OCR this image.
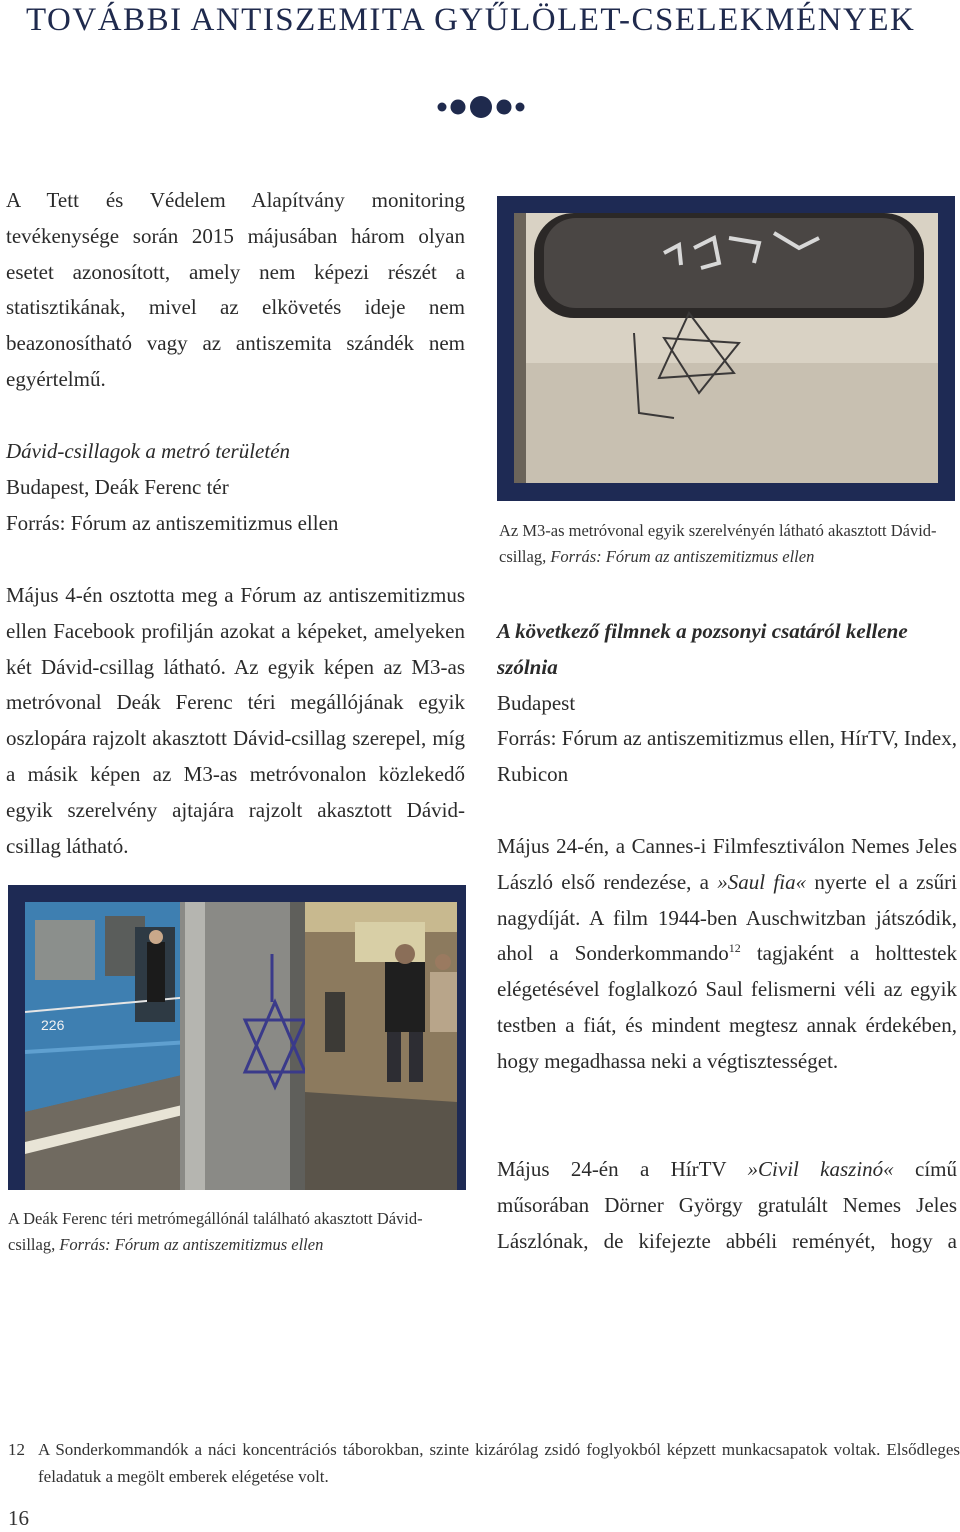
TOVÁBBI ANTISZEMITA GYŰLÖLET-CSELEKMÉNYEK

A Tett és Védelem Alapítvány monitoring tevékenysége során 2015 májusában három olyan esetet azonosított, amely nem képezi részét a statisztikának, mivel az elkövetés ideje nem beazonosítható vagy az antiszemita szándék nem egyértelmű.

Dávid-csillagok a metró területén

Budapest, Deák Ferenc tér

Forrás: Fórum az antiszemitizmus ellen

Május 4-én osztotta meg a Fórum az antiszemitizmus ellen Facebook profilján azokat a képeket, amelyeken két Dávid-csillag látható. Az egyik képen az M3-as metróvonal Deák Ferenc téri megállójának egyik oszlopára rajzolt akasztott Dávid-csillag szerepel, míg a másik képen az M3-as metróvonalon közlekedő egyik szerelvény ajtajára rajzolt akasztott Dávid-csillag látható.

226
A Deák Ferenc téri metrómegállónál található akasztott Dávid-csillag, Forrás: Fórum az antiszemitizmus ellen
Az M3-as metróvonal egyik szerelvényén látható akasztott Dávid-csillag, Forrás: Fórum az antiszemitizmus ellen

A következő filmnek a pozsonyi csatáról kellene szólnia

Budapest

Forrás: Fórum az antiszemitizmus ellen, HírTV, Index, Rubicon

Május 24-én, a Cannes-i Filmfesztiválon Nemes Jeles László első rendezése, a »Saul fia« nyerte el a zsűri nagydíját. A film 1944-ben Auschwitzban játszódik, ahol a Sonderkommando$^{12}$ tagjaként a holttestek elégetésével foglalkozó Saul felismerni véli az egyik testben a fiát, és mindent megtesz annak érdekében, hogy megadhassa neki a végtisztességet.

Május 24-én a HírTV »Civil kaszinó« című műsorában Dörner György gratulált Nemes Jeles Lászlónak, de kifejezte abbéli reményét, hogy a

12 A Sonderkommandók a náci koncentrációs táborokban, szinte kizárólag zsidó foglyokból képzett munkacsapatok voltak. Elsődleges feladatuk a megölt emberek elégetése volt.

16
